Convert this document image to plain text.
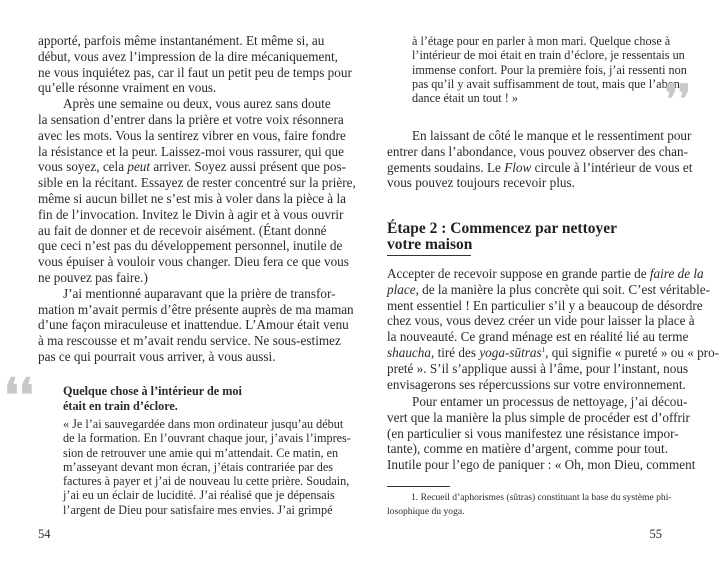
apporté, parfois même instantanément. Et même si, au
début, vous avez l’impression de la dire mécaniquement,
ne vous inquiétez pas, car il faut un petit peu de temps pour
qu’elle résonne vraiment en vous.
Après une semaine ou deux, vous aurez sans doute
la sensation d’entrer dans la prière et votre voix résonnera
avec les mots. Vous la sentirez vibrer en vous, faire fondre
la résistance et la peur. Laissez-moi vous rassurer, qui que
vous soyez, cela peut arriver. Soyez aussi présent que pos-
sible en la récitant. Essayez de rester concentré sur la prière,
même si aucun billet ne s’est mis à voler dans la pièce à la
fin de l’invocation. Invitez le Divin à agir et à vous ouvrir
au fait de donner et de recevoir aisément. (Étant donné
que ceci n’est pas du développement personnel, inutile de
vous épuiser à vouloir vous changer. Dieu fera ce que vous
ne pouvez pas faire.)
J’ai mentionné auparavant que la prière de transfor-
mation m’avait permis d’être présente auprès de ma maman
d’une façon miraculeuse et inattendue. L’Amour était venu
à ma rescousse et m’avait rendu service. Ne sous-estimez
pas ce qui pourrait vous arriver, à vous aussi.
❛❛	Quelque chose à l’intérieur de moi
était en train d’éclore.
« Je l’ai sauvegardée dans mon ordinateur jusqu’au début
de la formation. En l’ouvrant chaque jour, j’avais l’impres-
sion de retrouver une amie qui m’attendait. Ce matin, en
m’asseyant devant mon écran, j’étais contrariée par des
factures à payer et j’ai de nouveau lu cette prière. Soudain,
j’ai eu un éclair de lucidité. J’ai réalisé que je dépensais
l’argent de Dieu pour satisfaire mes envies. J’ai grimpé
54
à l’étage pour en parler à mon mari. Quelque chose à
l’intérieur de moi était en train d’éclore, je ressentais un
immense confort. Pour la première fois, j’ai ressenti non
pas qu’il y avait suffisamment de tout, mais que l’abon-
dance était un tout ! »	❜❜
En laissant de côté le manque et le ressentiment pour
entrer dans l’abondance, vous pouvez observer des chan-
gements soudains. Le Flow circule à l’intérieur de vous et
vous pouvez toujours recevoir plus.
Étape 2 : Commencez par nettoyer
votre maison
Accepter de recevoir suppose en grande partie de faire de la
place, de la manière la plus concrète qui soit. C’est véritable-
ment essentiel ! En particulier s’il y a beaucoup de désordre
chez vous, vous devez créer un vide pour laisser la place à
la nouveauté. Ce grand ménage est en réalité lié au terme
shaucha, tiré des yoga-sūtras$^1$, qui signifie « pureté » ou « pro-
preté ». S’il s’applique aussi à l’âme, pour l’instant, nous
envisagerons ses répercussions sur votre environnement.
Pour entamer un processus de nettoyage, j’ai décou-
vert que la manière la plus simple de procéder est d’offrir
(en particulier si vous manifestez une résistance impor-
tante), comme en matière d’argent, comme pour tout.
Inutile pour l’ego de paniquer : « Oh, mon Dieu, comment
1. Recueil d’aphorismes (sûtras) constituant la base du système phi-
losophique du yoga.
55
